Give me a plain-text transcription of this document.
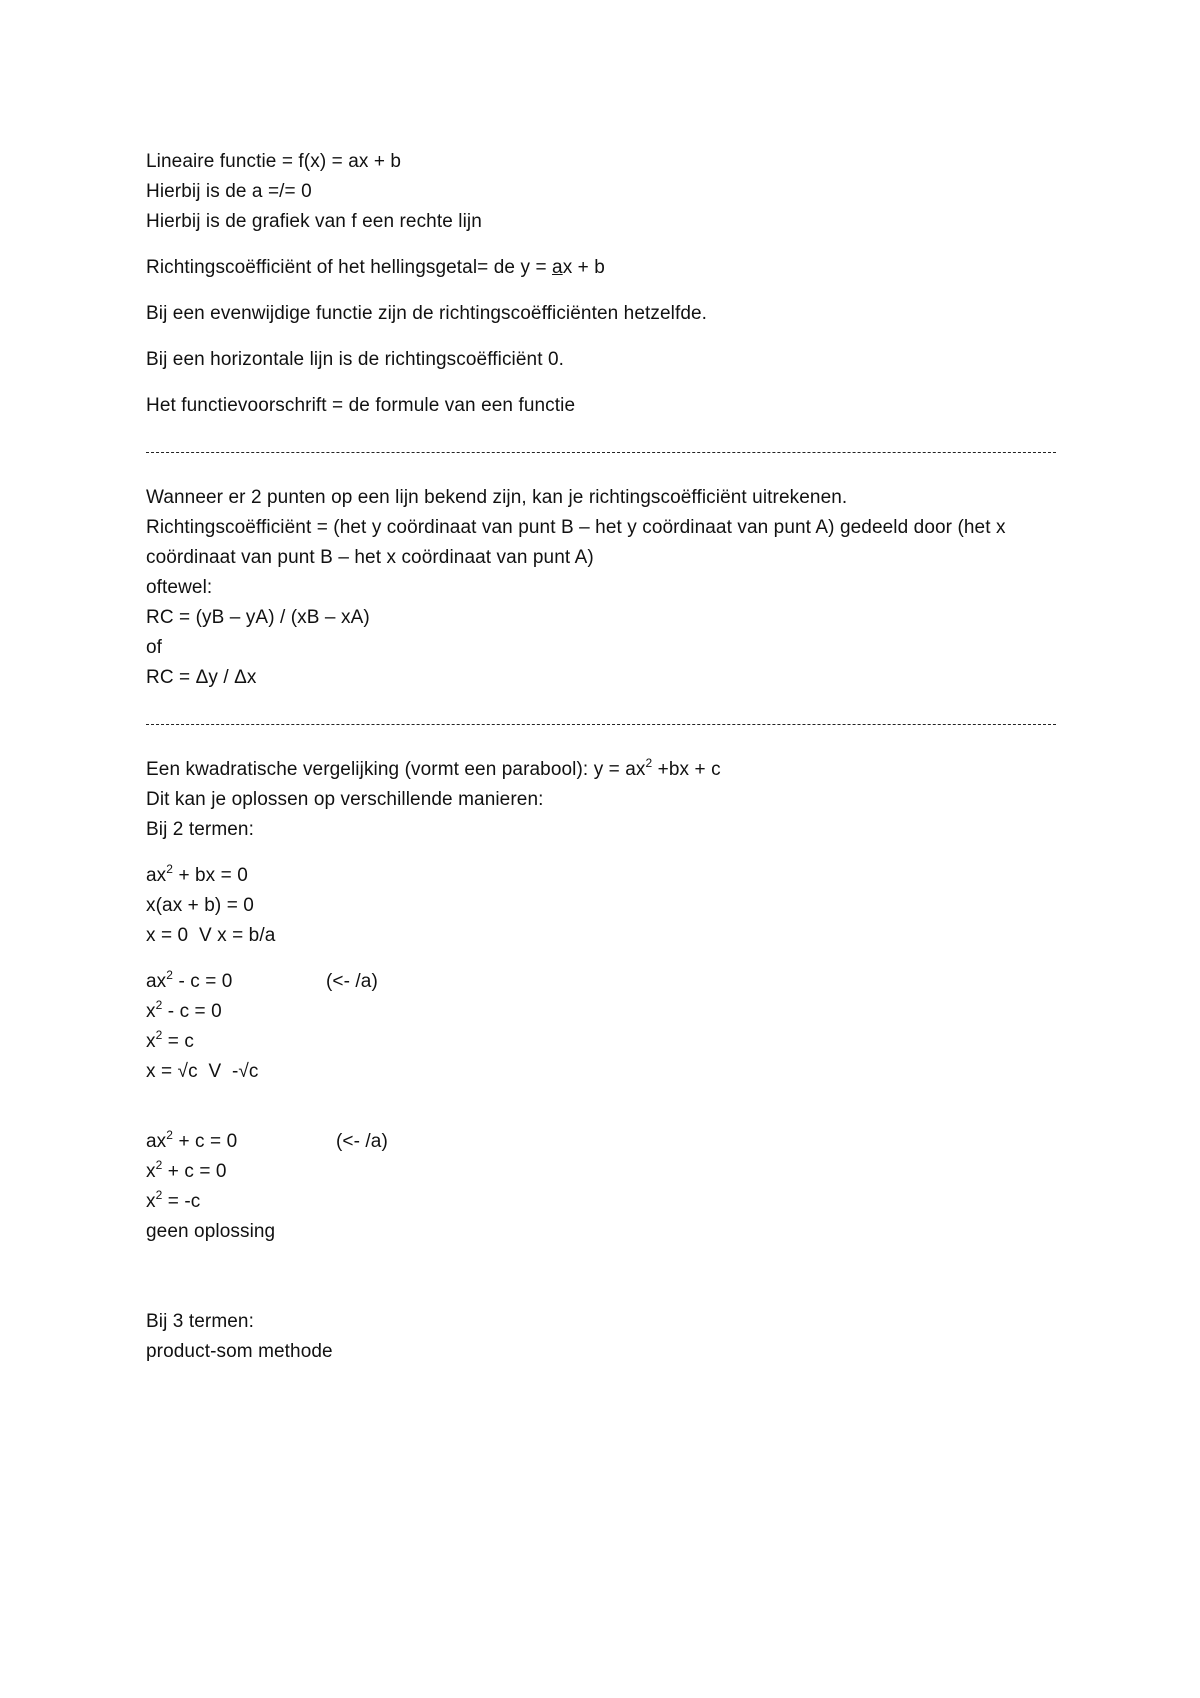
Lineaire functie = f(x) = ax + b
Hierbij is de a =/= 0
Hierbij is de grafiek van f een rechte lijn
Richtingscoëfficiënt of het hellingsgetal= de y = ax + b
Bij een evenwijdige functie zijn de richtingscoëfficiënten hetzelfde.
Bij een horizontale lijn is de richtingscoëfficiënt 0.
Het functievoorschrift = de formule van een functie
Wanneer er 2 punten op een lijn bekend zijn, kan je richtingscoëfficiënt uitrekenen.
Richtingscoëfficiënt = (het y coördinaat van punt B – het y coördinaat van punt A) gedeeld door (het x
coördinaat van punt B – het x coördinaat van punt A)
oftewel:
RC = (yB – yA) / (xB – xA)
of
RC = Δy / Δx
Een kwadratische vergelijking (vormt een parabool): $y = ax^2 +bx + c$
Dit kan je oplossen op verschillende manieren:
Bij 2 termen:
$ax^2$ + bx = 0
x(ax + b) = 0
x = 0  V x = b/a
$ax^2 - c = 0$	(<- /a)
$x^2 - c = 0$
$x^2 = c$
x = √c  V  -√c
$ax^2 + c = 0$	(<- /a)
$x^2 + c = 0$
$x^2 = -c$
geen oplossing
Bij 3 termen:
product-som methode
